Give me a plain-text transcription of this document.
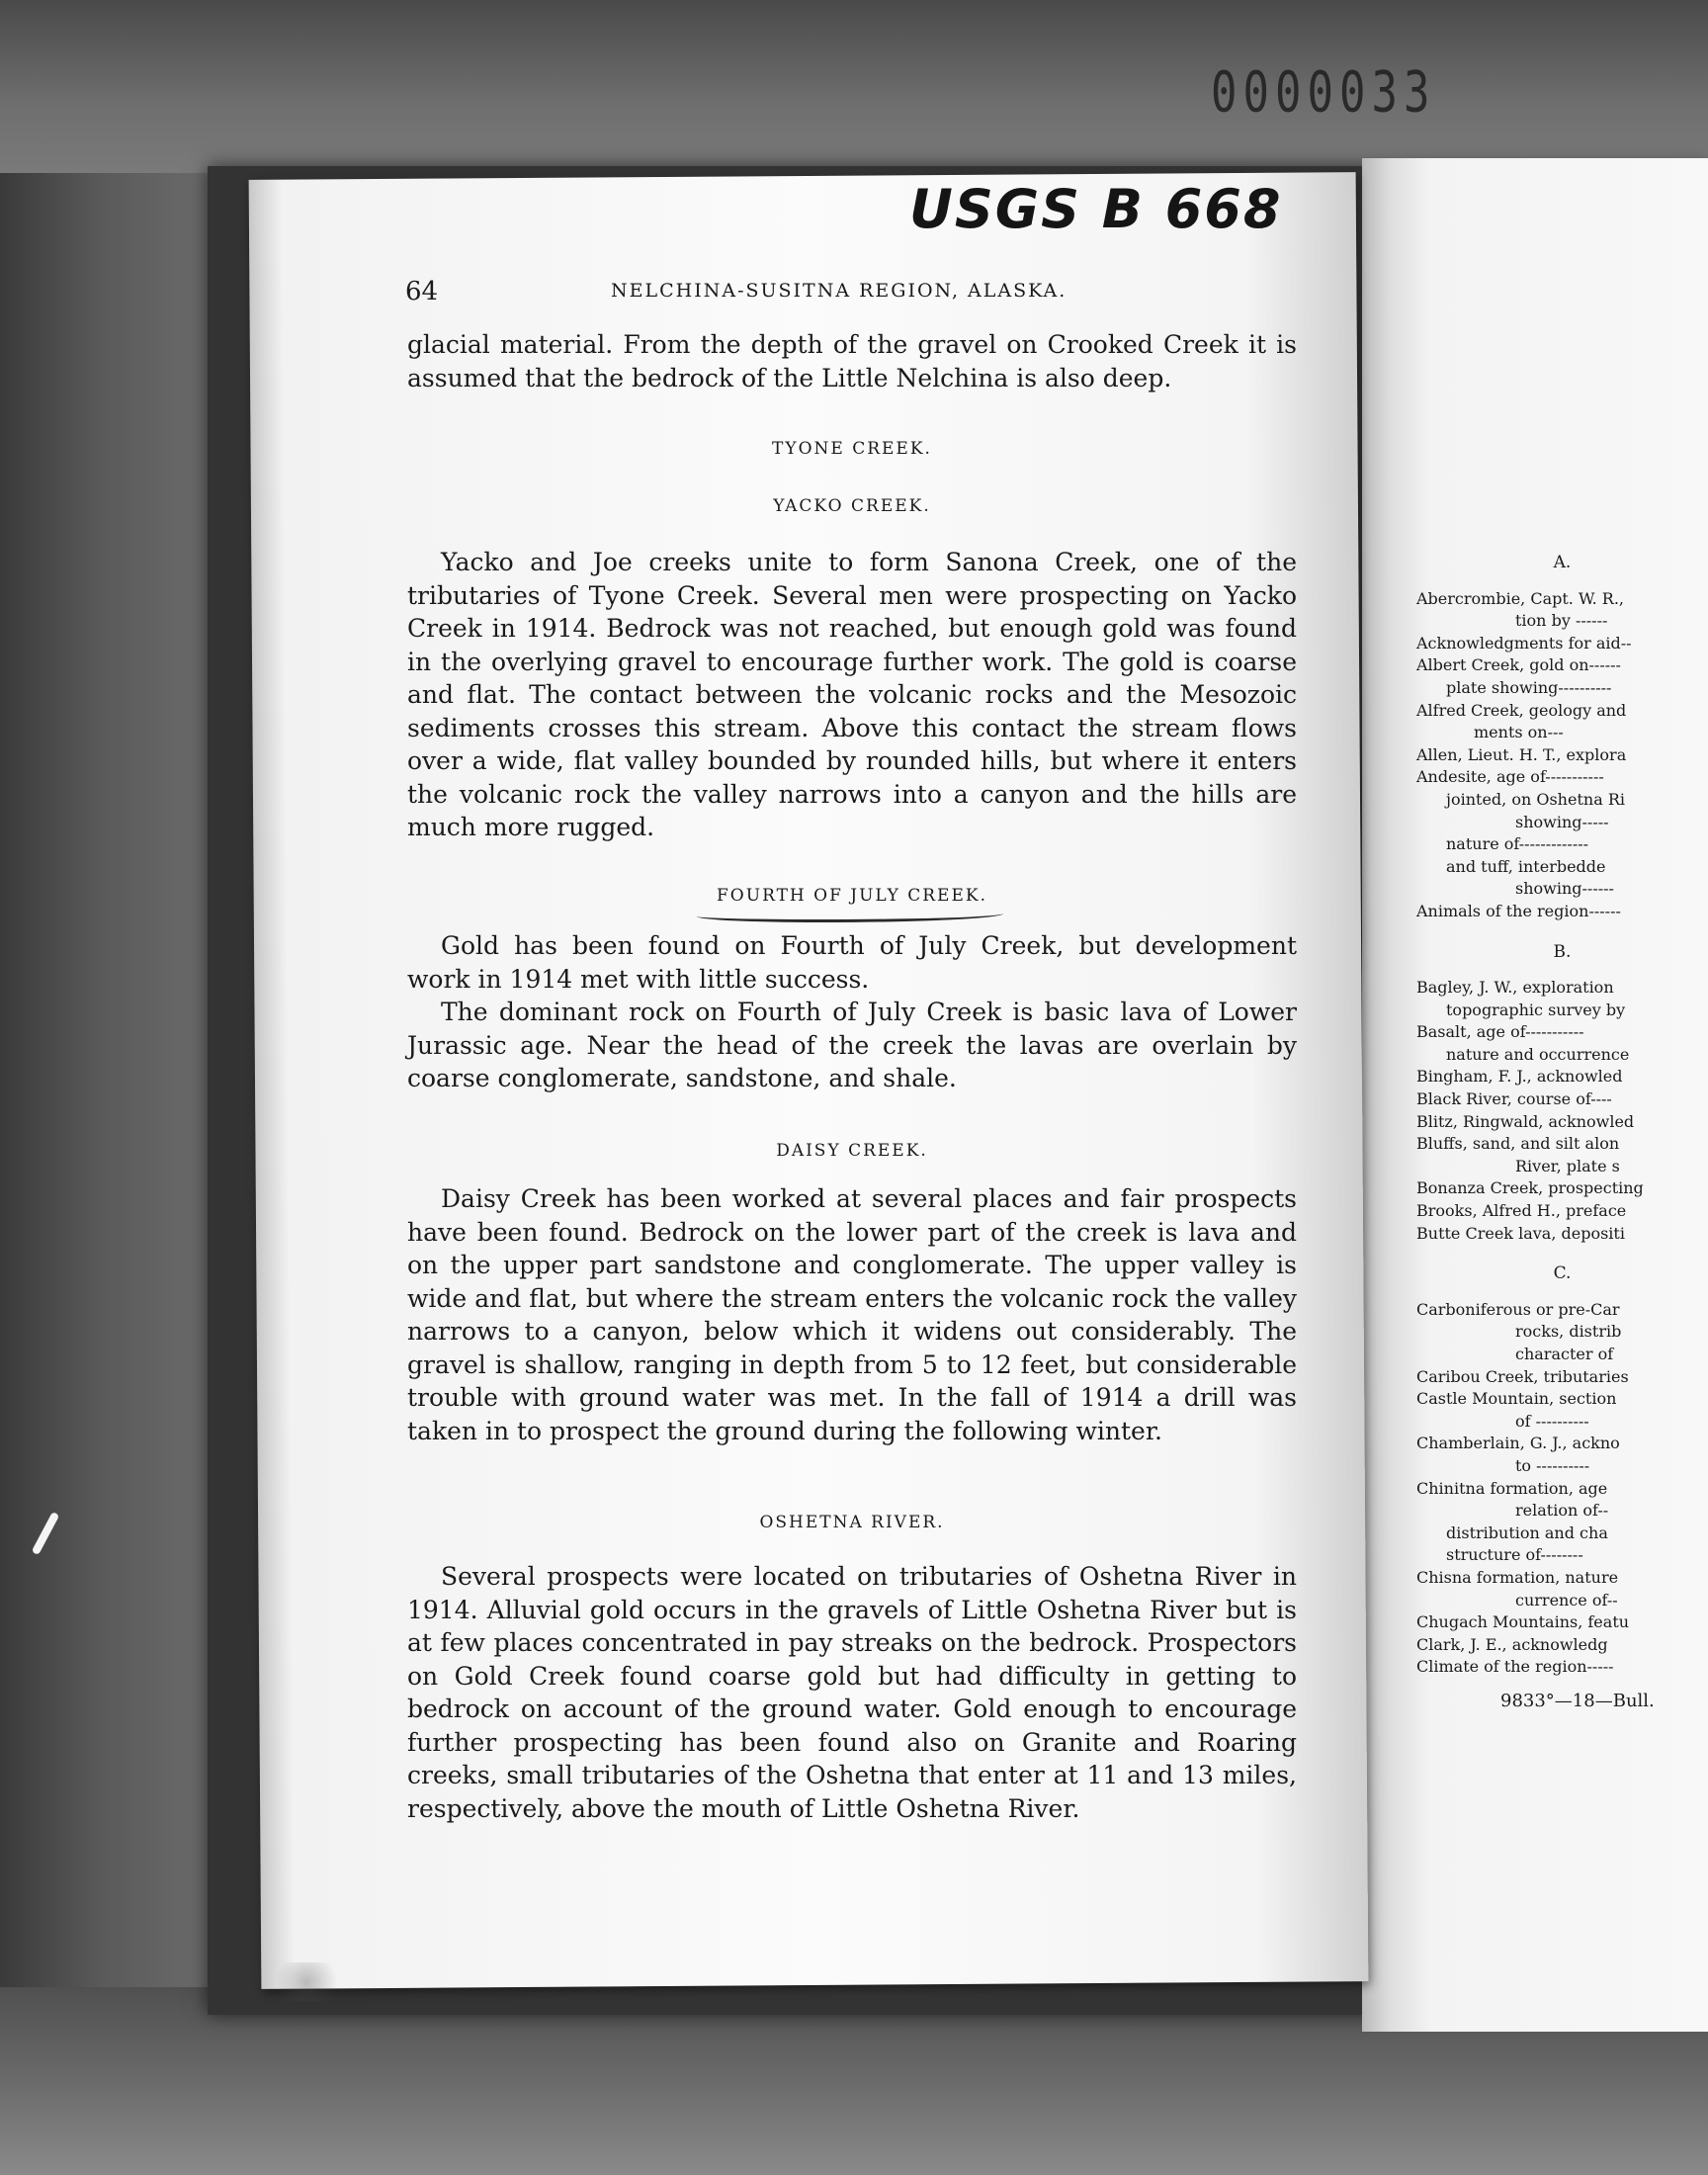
0000033
USGS B 668
64	NELCHINA-SUSITNA REGION, ALASKA.

glacial material. From the depth of the gravel on Crooked Creek it is assumed that the bedrock of the Little Nelchina is also deep.

TYONE CREEK.

YACKO CREEK.

Yacko and Joe creeks unite to form Sanona Creek, one of the tributaries of Tyone Creek. Several men were prospecting on Yacko Creek in 1914. Bedrock was not reached, but enough gold was found in the overlying gravel to encourage further work. The gold is coarse and flat. The contact between the volcanic rocks and the Mesozoic sediments crosses this stream. Above this contact the stream flows over a wide, flat valley bounded by rounded hills, but where it enters the volcanic rock the valley narrows into a canyon and the hills are much more rugged.

FOURTH OF JULY CREEK.

Gold has been found on Fourth of July Creek, but development work in 1914 met with little success.

The dominant rock on Fourth of July Creek is basic lava of Lower Jurassic age. Near the head of the creek the lavas are overlain by coarse conglomerate, sandstone, and shale.

DAISY CREEK.

Daisy Creek has been worked at several places and fair prospects have been found. Bedrock on the lower part of the creek is lava and on the upper part sandstone and conglomerate. The upper valley is wide and flat, but where the stream enters the volcanic rock the valley narrows to a canyon, below which it widens out considerably. The gravel is shallow, ranging in depth from 5 to 12 feet, but considerable trouble with ground water was met. In the fall of 1914 a drill was taken in to prospect the ground during the following winter.

OSHETNA RIVER.

Several prospects were located on tributaries of Oshetna River in 1914. Alluvial gold occurs in the gravels of Little Oshetna River but is at few places concentrated in pay streaks on the bedrock. Prospectors on Gold Creek found coarse gold but had difficulty in getting to bedrock on account of the ground water. Gold enough to encourage further prospecting has been found also on Granite and Roaring creeks, small tributaries of the Oshetna that enter at 11 and 13 miles, respectively, above the mouth of Little Oshetna River.

A.
Abercrombie, Capt. W. R.,
tion by ------
Acknowledgments for aid--
Albert Creek, gold on------
plate showing----------
Alfred Creek, geology and
ments on---
Allen, Lieut. H. T., explora
Andesite, age of-----------
jointed, on Oshetna Ri
showing-----
nature of-------------
and tuff, interbedde
showing------
Animals of the region------
B.
Bagley, J. W., exploration
topographic survey by
Basalt, age of-----------
nature and occurrence
Bingham, F. J., acknowled
Black River, course of----
Blitz, Ringwald, acknowled
Bluffs, sand, and silt alon
River, plate s
Bonanza Creek, prospecting
Brooks, Alfred H., preface
Butte Creek lava, depositi
C.
Carboniferous or pre-Car
rocks, distrib
character of
Caribou Creek, tributaries
Castle Mountain, section
of ----------
Chamberlain, G. J., ackno
to ----------
Chinitna formation, age
relation of--
distribution and cha
structure of--------
Chisna formation, nature
currence of--
Chugach Mountains, featu
Clark, J. E., acknowledg
Climate of the region-----
9833°—18—Bull.
